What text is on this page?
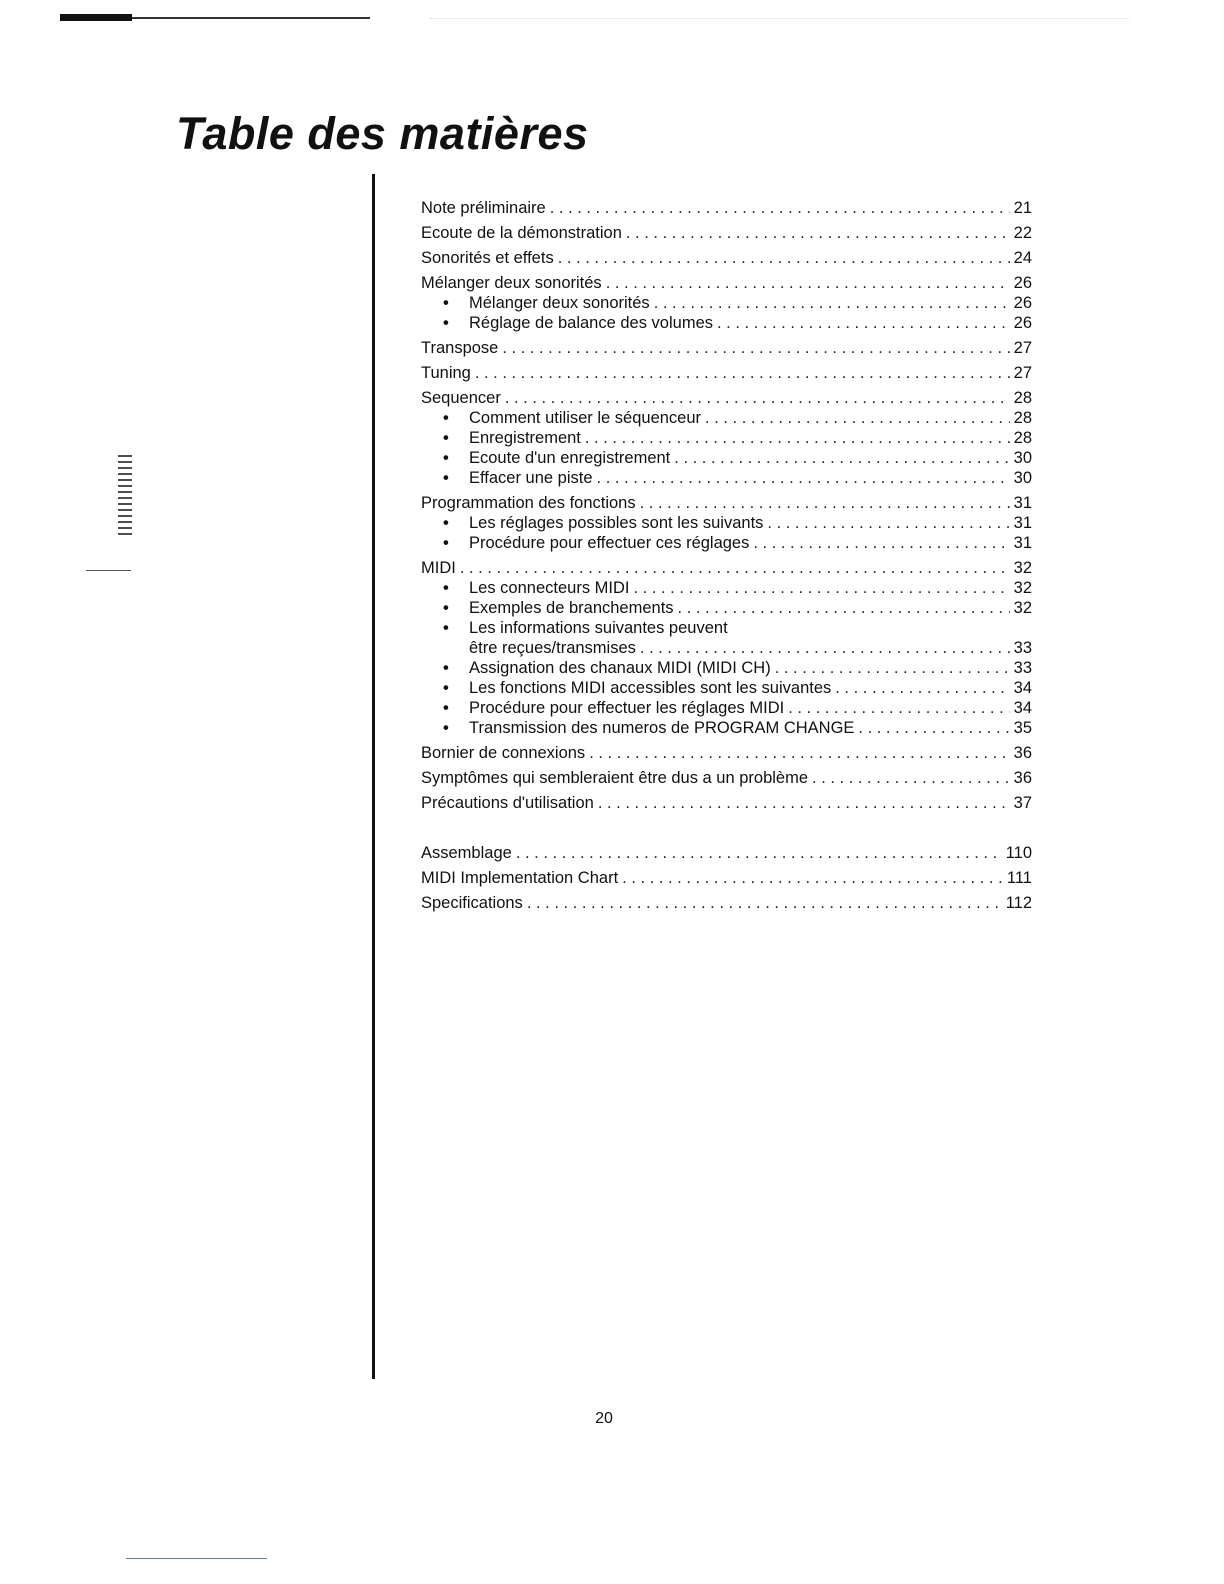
Table des matières
Note préliminaire . . .	21
Ecoute de la démonstration . . .	22
Sonorités et effets . . .	24
Mélanger deux sonorités . . .	26
•	Mélanger deux sonorités . . .	26
•	Réglage de balance des volumes . . .	26
Transpose . . .	27
Tuning . . .	27
Sequencer . . .	28
•	Comment utiliser le séquenceur . . .	28
•	Enregistrement . . .	28
•	Ecoute d'un enregistrement . . .	30
•	Effacer une piste . . .	30
Programmation des fonctions . . .	31
•	Les réglages possibles sont les suivants . . .	31
•	Procédure pour effectuer ces réglages . . .	31
MIDI . . .	32
•	Les connecteurs MIDI . . .	32
•	Exemples de branchements . . .	32
•	Les informations suivantes peuvent
être reçues/transmises . . .	33
•	Assignation des chanaux MIDI (MIDI CH) . . .	33
•	Les fonctions MIDI accessibles sont les suivantes . . .	34
•	Procédure pour effectuer les réglages MIDI . . .	34
•	Transmission des numeros de PROGRAM CHANGE . . .	35
Bornier de connexions . . .	36
Symptômes qui sembleraient être dus a un problème . . .	36
Précautions d'utilisation . . .	37
Assemblage . . .	110
MIDI Implementation Chart . . .	111
Specifications . . .	112
20
